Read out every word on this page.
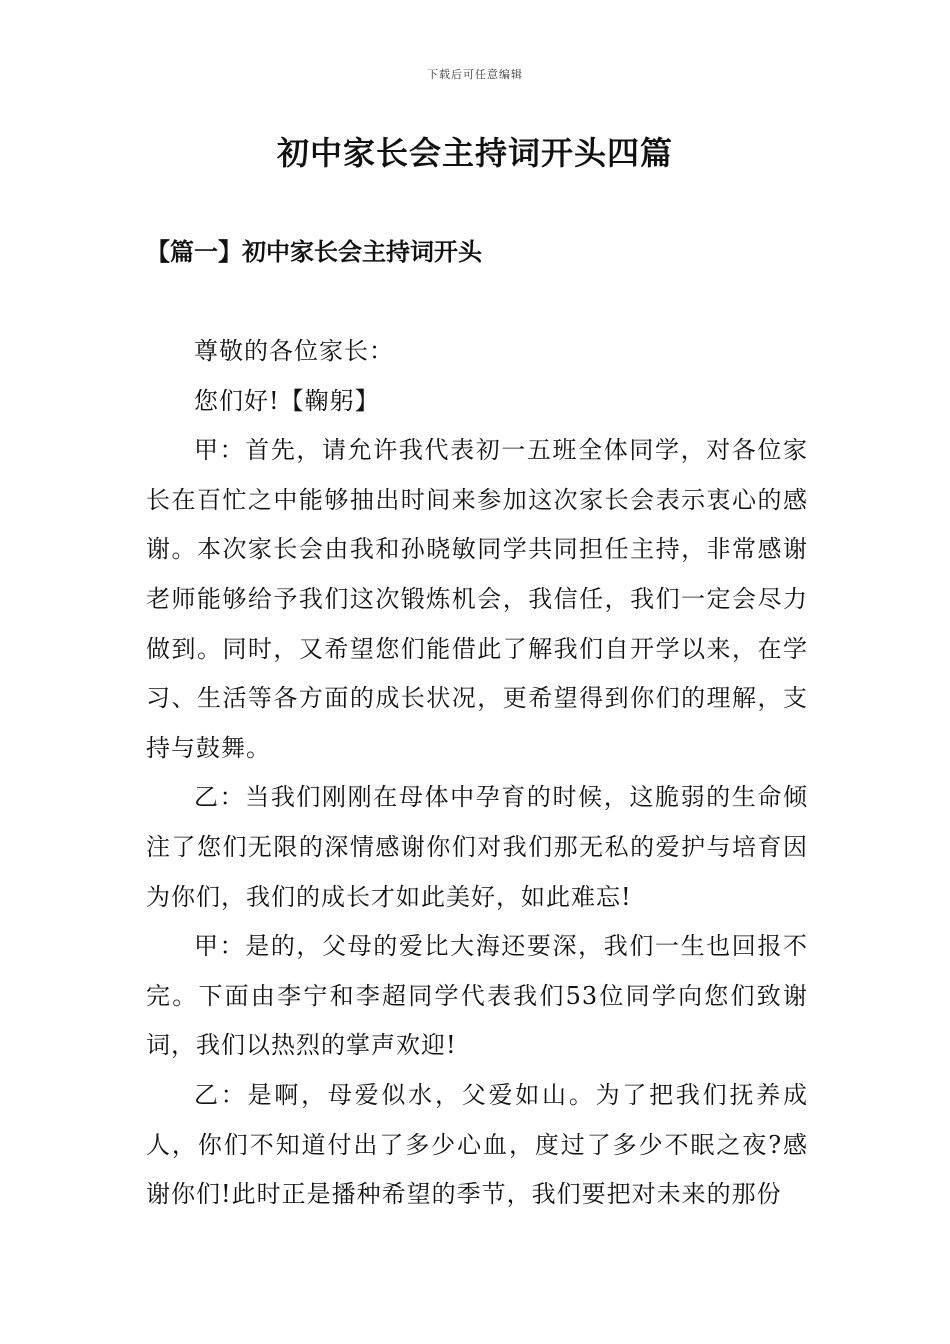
下载后可任意编辑
初中家长会主持词开头四篇
【篇一】初中家长会主持词开头

尊敬的各位家长：

您们好!【鞠躬】

甲：首先，请允许我代表初一五班全体同学，对各位家长在百忙之中能够抽出时间来参加这次家长会表示衷心的感谢。本次家长会由我和孙晓敏同学共同担任主持，非常感谢老师能够给予我们这次锻炼机会，我信任，我们一定会尽力做到。同时，又希望您们能借此了解我们自开学以来，在学习、生活等各方面的成长状况，更希望得到你们的理解，支持与鼓舞。

乙：当我们刚刚在母体中孕育的时候，这脆弱的生命倾注了您们无限的深情感谢你们对我们那无私的爱护与培育因为你们，我们的成长才如此美好，如此难忘!

甲：是的，父母的爱比大海还要深，我们一生也回报不完。下面由李宁和李超同学代表我们53位同学向您们致谢词，我们以热烈的掌声欢迎!

乙：是啊，母爱似水，父爱如山。为了把我们抚养成人，你们不知道付出了多少心血，度过了多少不眠之夜?感谢你们!此时正是播种希望的季节，我们要把对未来的那份
